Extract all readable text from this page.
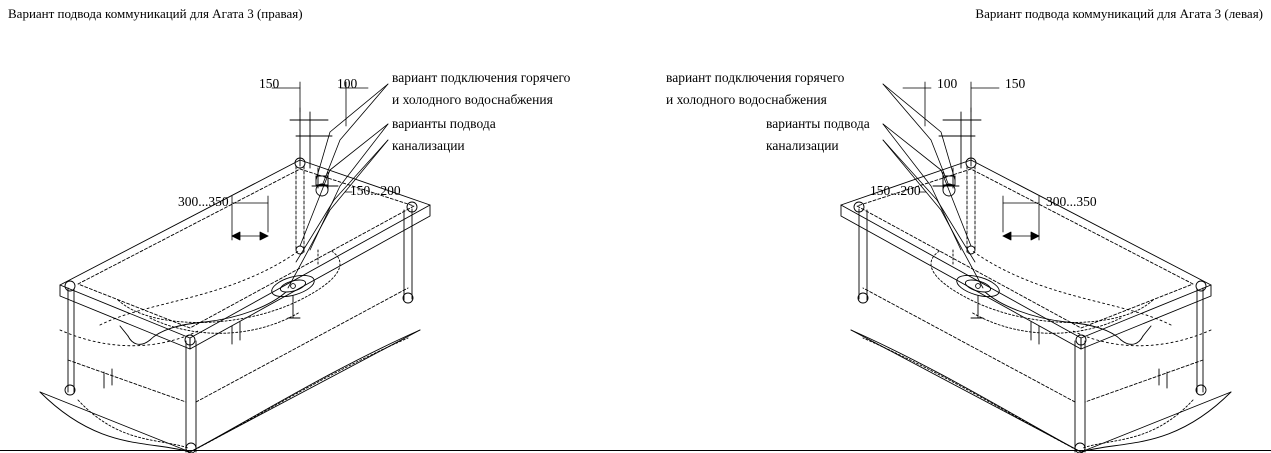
Вариант подвода коммуникаций для Агата 3 (правая)	Вариант подвода коммуникаций для Агата 3 (левая)
150	100
150...200
300...350
вариант подключения горячего
и холодного водоснабжения
варианты подвода
канализации
100	150
150...200
300...350
вариант подключения горячего
и холодного водоснабжения
варианты подвода
канализации
